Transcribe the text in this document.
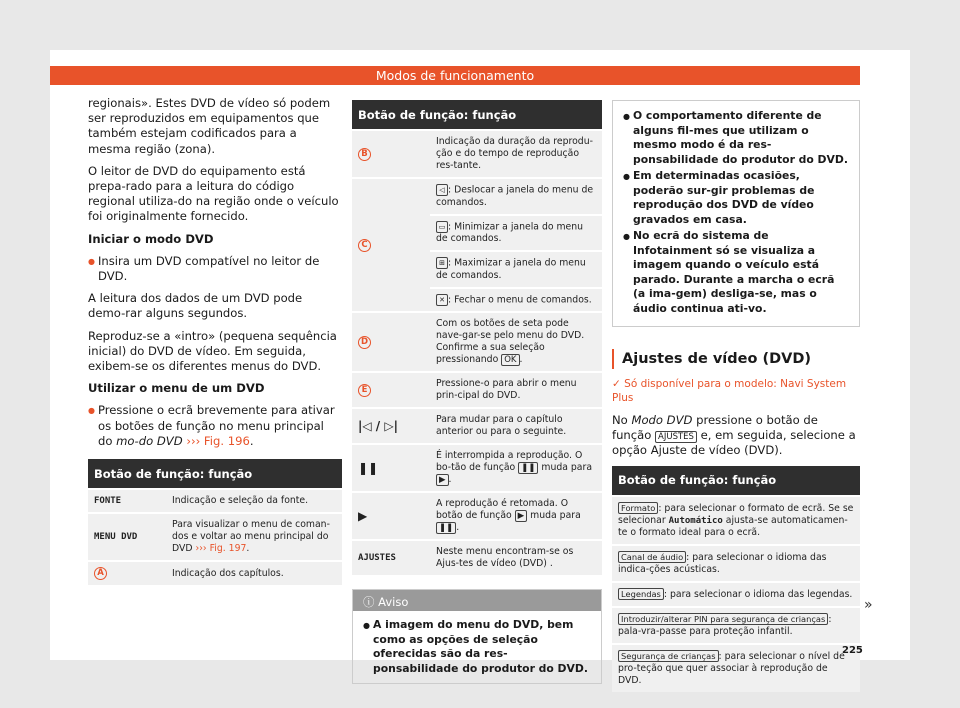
Modos de funcionamento

regionais». Estes DVD de vídeo só podem ser reproduzidos em equipamentos que também estejam codificados para a mesma região (zona).

O leitor de DVD do equipamento está prepa-rado para a leitura do código regional utiliza-do na região onde o veículo foi originalmente fornecido.

Iniciar o modo DVD

● Insira um DVD compatível no leitor de DVD.

A leitura dos dados de um DVD pode demo-rar alguns segundos.

Reproduz-se a «intro» (pequena sequência inicial) do DVD de vídeo. Em seguida, exibem-se os diferentes menus do DVD.

Utilizar o menu de um DVD

● Pressione o ecrã brevemente para ativar os botões de função no menu principal do mo-do DVD ››› Fig. 196.

Botão de função: função	
FONTE	Indicação e seleção da fonte.
MENU DVD	Para visualizar o menu de coman-dos e voltar ao menu principal do DVD ››› Fig. 197.
A	Indicação dos capítulos.
Botão de função: função	
B	Indicação da duração da reprodu-ção e do tempo de reprodução res-tante.
C	◁ : Deslocar a janela do menu de comandos.
	▭ : Minimizar a janela do menu de comandos.
	⊞ : Maximizar a janela do menu de comandos.
	✕ : Fechar o menu de comandos.
D	Com os botões de seta pode nave-gar-se pelo menu do DVD. Confirme a sua seleção pressionando OK .
E	Pressione-o para abrir o menu prin-cipal do DVD.
|◁ / ▷|	Para mudar para o capítulo anterior ou para o seguinte.
❚❚	É interrompida a reprodução. O bo-tão de função ❚❚ muda para ▶ .
▶	A reprodução é retomada. O botão de função ▶ muda para ❚❚ .
AJUSTES	Neste menu encontram-se os Ajus-tes de vídeo (DVD) .
ⓘ Aviso

● A imagem do menu do DVD, bem como as opções de seleção oferecidas são da res-ponsabilidade do produtor do DVD.

● O comportamento diferente de alguns fil-mes que utilizam o mesmo modo é da res-ponsabilidade do produtor do DVD.

● Em determinadas ocasiões, poderão sur-gir problemas de reprodução dos DVD de vídeo gravados em casa.

● No ecrã do sistema de Infotainment só se visualiza a imagem quando o veículo está parado. Durante a marcha o ecrã (a ima-gem) desliga-se, mas o áudio continua ati-vo.

Ajustes de vídeo (DVD)
✓ Só disponível para o modelo: Navi System Plus

No Modo DVD pressione o botão de função AJUSTES e, em seguida, selecione a opção Ajuste de vídeo (DVD).

Botão de função: função
Formato : para selecionar o formato de ecrã. Se se selecionar Automático ajusta-se automaticamen-te o formato ideal para o ecrã.
Canal de áudio : para selecionar o idioma das indica-ções acústicas.
Legendas : para selecionar o idioma das legendas.
Introduzir/alterar PIN para segurança de crianças : pala-vra-passe para proteção infantil.
Segurança de crianças : para selecionar o nível de pro-teção que quer associar à reprodução de DVD.
»
225
